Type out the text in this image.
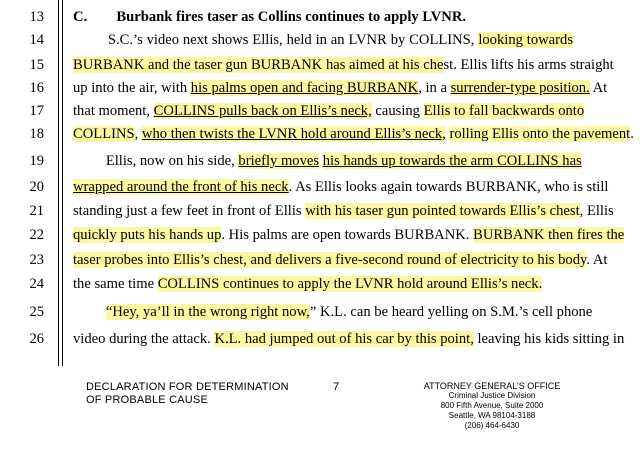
13
14
15
16
17
18
19
20
21
22
23
24
25
26
C.        Burbank fires taser as Collins continues to apply LVNR.
S.C.’s video next shows Ellis, held in an LVNR by COLLINS, looking towards
BURBANK and the taser gun BURBANK has aimed at his chest. Ellis lifts his arms straight
up into the air, with his palms open and facing BURBANK, in a surrender-type position. At
that moment, COLLINS pulls back on Ellis’s neck, causing Ellis to fall backwards onto
COLLINS, who then twists the LVNR hold around Ellis’s neck, rolling Ellis onto the pavement.
Ellis, now on his side, briefly moves his hands up towards the arm COLLINS has
wrapped around the front of his neck. As Ellis looks again towards BURBANK, who is still
standing just a few feet in front of Ellis with his taser gun pointed towards Ellis’s chest, Ellis
quickly puts his hands up. His palms are open towards BURBANK. BURBANK then fires the
taser probes into Ellis’s chest, and delivers a five-second round of electricity to his body. At
the same time COLLINS continues to apply the LVNR hold around Ellis’s neck.
“Hey, ya’ll in the wrong right now,” K.L. can be heard yelling on S.M.’s cell phone
video during the attack. K.L. had jumped out of his car by this point, leaving his kids sitting in
DECLARATION FOR DETERMINATION
OF PROBABLE CAUSE
7	ATTORNEY GENERAL’S OFFICE
Criminal Justice Division
800 Fifth Avenue, Suite 2000
Seattle, WA 98104-3188
(206) 464-6430
